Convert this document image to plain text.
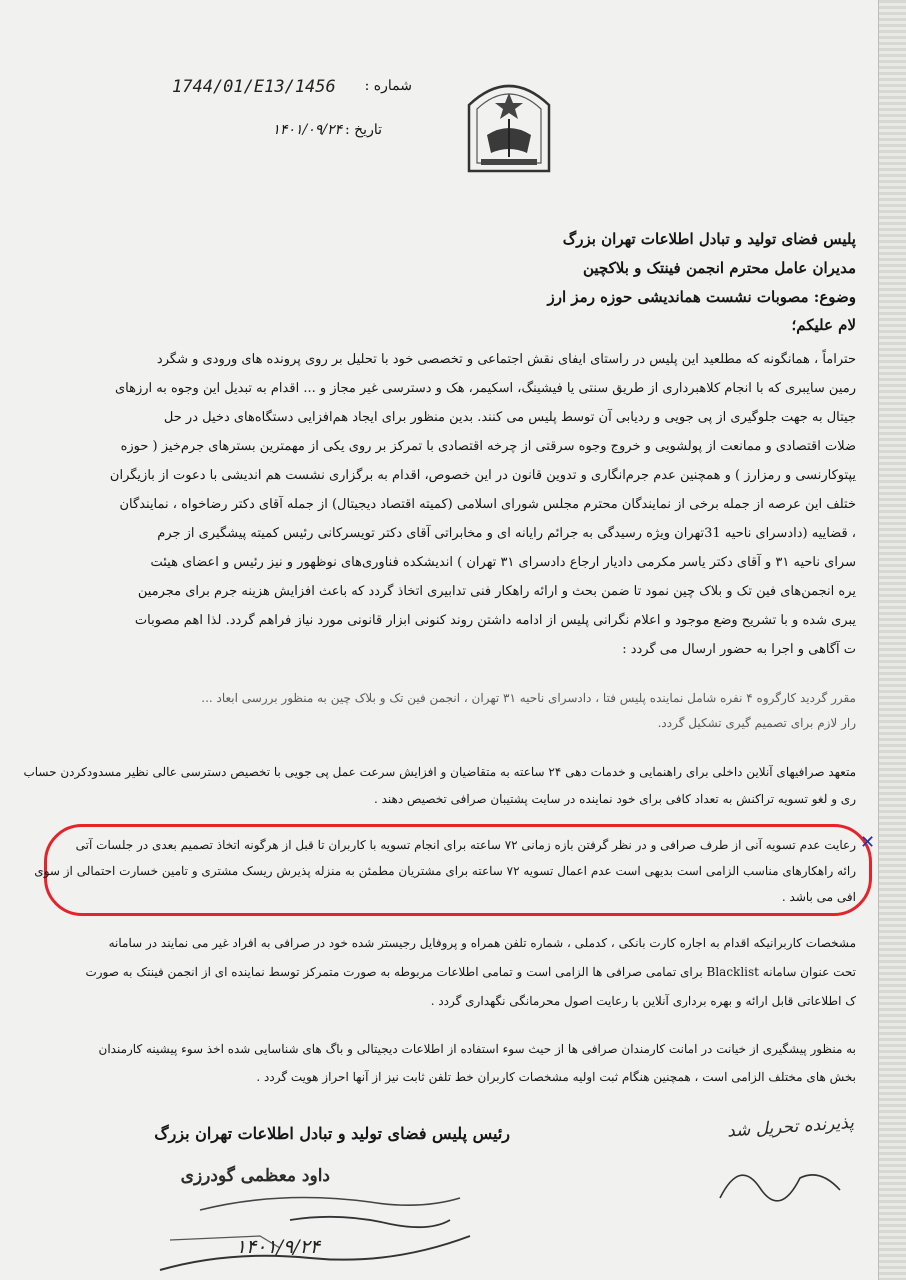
شماره :
1744/01/E13/1456
تاریخ :
۱۴۰۱/۰۹/۲۴
پلیس فضای تولید و تبادل اطلاعات تهران بزرگ
مدیران عامل محترم انجمن فینتک و بلاکچین
وضوع: مصوبات نشست هماندیشی حوزه رمز ارز
لام علیکم؛
حتراماً ، همانگونه که مطلعید این پلیس در راستای ایفای نقش اجتماعی و تخصصی خود با تحلیل بر روی پرونده های ورودی و شگرد
رمین سایبری که با انجام کلاهبرداری از طریق سنتی یا فیشینگ، اسکیمر، هک و دسترسی غیر مجاز و ... اقدام به تبدیل این وجوه به ارزهای
جیتال به جهت جلوگیری از پی جویی و ردیابی آن توسط پلیس می کنند. بدین منظور برای ایجاد هم‌افزایی دستگاه‌های دخیل در حل
ضلات اقتصادی و ممانعت از پولشویی و خروج وجوه سرقتی از چرخه اقتصادی با تمرکز بر روی یکی از مهمترین بسترهای جرم‌خیز ( حوزه
یپتوکارنسی و رمزارز ) و همچنین عدم جرم‌انگاری و تدوین قانون در این خصوص، اقدام به برگزاری نشست هم اندیشی با دعوت از بازیگران
ختلف این عرصه از جمله برخی از نمایندگان محترم مجلس شورای اسلامی (کمیته اقتصاد دیجیتال) از جمله آقای دکتر رضاخواه ، نمایندگان
، قضاییه (دادسرای ناحیه 31تهران ویژه رسیدگی به جرائم رایانه ای و مخابراتی آقای دکتر تویسرکانی رئیس کمیته پیشگیری از جرم
سرای ناحیه ۳۱ و آقای دکتر یاسر مکرمی دادیار ارجاع دادسرای ۳۱ تهران ) اندیشکده فناوری‌های نوظهور و نیز رئیس و اعضای هیئت
یره انجمن‌های فین تک و بلاک چین نمود تا ضمن بحث و ارائه راهکار فنی تدابیری اتخاذ گردد که باعث افزایش هزینه جرم برای مجرمین
یبری شده و با تشریح وضع موجود و اعلام نگرانی پلیس از ادامه داشتن روند کنونی ابزار قانونی مورد نیاز فراهم گردد. لذا اهم مصوبات
ت آگاهی و اجرا به حضور ارسال می گردد :
مقرر گردید کارگروه ۴ نفره شامل نماینده پلیس فتا ، دادسرای ناحیه ۳۱ تهران ، انجمن فین تک و بلاک چین به منظور بررسی ابعاد ...
رار لازم برای تصمیم گیری تشکیل گردد.
متعهد صرافیهای آنلاین داخلی برای راهنمایی و خدمات دهی ۲۴ ساعته به متقاضیان و افزایش سرعت عمل پی جویی با تخصیص دسترسی عالی نظیر مسدودکردن حساب
ری و لغو تسویه تراکنش به تعداد کافی برای خود نماینده در سایت پشتیبان صرافی تخصیص دهند .
✕
رعایت عدم تسویه آنی از طرف صرافی و در نظر گرفتن بازه زمانی ۷۲ ساعته برای انجام تسویه با کاربران تا قبل از هرگونه اتخاذ تصمیم بعدی در جلسات آتی
رائه راهکارهای مناسب الزامی است بدیهی است عدم اعمال تسویه ۷۲ ساعته برای مشتریان مطمئن به منزله پذیرش ریسک مشتری و تامین خسارت احتمالی از سوی
افی می باشد .
مشخصات کاربرانیکه اقدام به اجاره کارت بانکی ، کدملی ، شماره تلفن همراه و پروفایل رجیستر شده خود در صرافی به افراد غیر می نمایند در سامانه
تحت عنوان سامانه Blacklist برای تمامی صرافی ها الزامی است و تمامی اطلاعات مربوطه به صورت متمرکز توسط نماینده ای از انجمن فینتک به صورت
ک اطلاعاتی قابل ارائه و بهره برداری آنلاین با رعایت اصول محرمانگی نگهداری گردد .
به منظور پیشگیری از خیانت در امانت کارمندان صرافی ها از حیث سوء استفاده از اطلاعات دیجیتالی و باگ های شناسایی شده اخذ سوء پیشینه کارمندان
بخش های مختلف الزامی است ، همچنین هنگام ثبت اولیه مشخصات کاربران خط تلفن ثابت نیز از آنها احراز هویت گردد .
رئیس پلیس فضای تولید و تبادل اطلاعات تهران بزرگ
داود معظمی گودرزی
۱۴۰۱/۹/۲۴
پذیرنده تحریل شد
